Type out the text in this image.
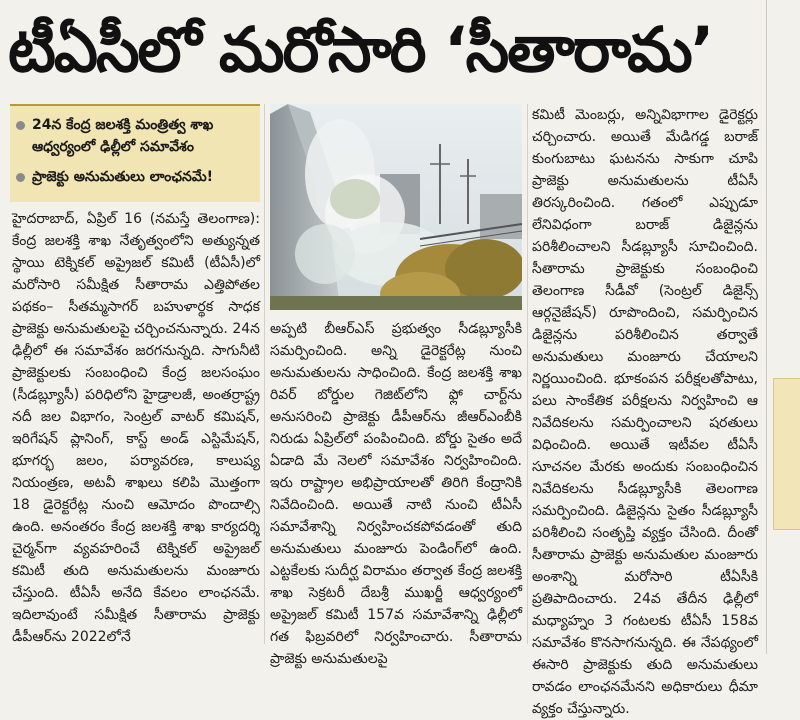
టీఏసీలో మరోసారి ‘సీతారామ’
24న కేంద్ర జలశక్తి మంత్రిత్వ శాఖ ఆధ్వర్యంలో ఢిల్లీలో సమావేశం
ప్రాజెక్టు అనుమతులు లాంఛనమే!

హైదరాబాద్, ఏప్రిల్ 16 (నమస్తే తెలంగాణ): కేంద్ర జలశక్తి శాఖ నేతృత్వంలోని అత్యున్నత స్థాయి టెక్నికల్ అప్రైజల్ కమిటీ (టీఏసీ)లో మరోసారి సమీక్షిత సీతారామ ఎత్తిపోతల పథకం– సీతమ్మసాగర్ బహుళార్థక సాధక ప్రాజెక్టు అనుమతులపై చర్చించనున్నారు. 24న ఢిల్లీలో ఈ సమావేశం జరగనున్నది. సాగునీటి ప్రాజెక్టులకు సంబంధించి కేంద్ర జలసంఘం (సీడబ్ల్యూసీ) పరిధిలోని హైడ్రాలజీ, అంతర్రాష్ట్ర నదీ జల విభాగం, సెంట్రల్ వాటర్ కమిషన్, ఇరిగేషన్ ప్లానింగ్, కాస్ట్ అండ్ ఎస్టిమేషన్, భూగర్భ జలం, పర్యావరణ, కాలుష్య నియంత్రణ, అటవీ శాఖలు కలిపి మొత్తంగా 18 డైరెక్టరేట్ల నుంచి ఆమోదం పొందాల్సి ఉంది. అనంతరం కేంద్ర జలశక్తి శాఖ కార్యదర్శి చైర్మన్‌గా వ్యవహరించే టెక్నికల్ అప్రైజల్ కమిటీ తుది అనుమతులను మంజూరు చేస్తుంది. టీఏసీ అనేది కేవలం లాంఛనమే. ఇదిలావుంటే సమీక్షిత సీతారామ ప్రాజెక్టు డీపీఆర్‌ను 2022లోనే

అప్పటి బీఆర్ఎస్ ప్రభుత్వం సీడబ్ల్యూసీకి సమర్పించింది. అన్ని డైరెక్టరేట్ల నుంచి అనుమతులను సాధించింది. కేంద్ర జలశక్తి శాఖ రివర్ బోర్డుల గెజిట్‌లోని ఫ్లో చార్ట్‌ను అనుసరించి ప్రాజెక్టు డీపీఆర్‌ను జీఆర్ఎంబీకి నిరుడు ఏప్రిల్‌లో పంపించింది. బోర్డు సైతం అదే ఏడాది మే నెలలో సమావేశం నిర్వహించింది. ఇరు రాష్ట్రాల అభిప్రాయాలతో తిరిగి కేంద్రానికి నివేదించింది. అయితే నాటి నుంచి టీఏసీ సమావేశాన్ని నిర్వహించకపోవడంతో తుది అనుమతులు మంజూరు పెండింగ్‌లో ఉంది. ఎట్టకేలకు సుదీర్ఘ విరామం తర్వాత కేంద్ర జలశక్తి శాఖ సెక్రటరీ దేబశ్రీ ముఖర్జీ ఆధ్వర్యంలో అప్రైజల్ కమిటీ 157వ సమావేశాన్ని ఢిల్లీలో గత ఫిబ్రవరిలో నిర్వహించారు. సీతారామ ప్రాజెక్టు అనుమతులపై

కమిటీ మెంబర్లు, అన్నివిభాగాల డైరెక్టర్లు చర్చించారు. అయితే మేడిగడ్డ బరాజ్ కుంగుబాటు ఘటనను సాకుగా చూపి ప్రాజెక్టు అనుమతులను టీఏసీ తిరస్కరించింది. గతంలో ఎప్పుడూ లేనివిధంగా బరాజ్ డిజైన్లను పరిశీలించాలని సీడబ్ల్యూసీ సూచించింది. సీతారామ ప్రాజెక్టుకు సంబంధించి తెలంగాణ సీడీవో (సెంట్రల్ డిజైన్స్ ఆర్గనైజేషన్) రూపొందించి, సమర్పించిన డిజైన్లను పరిశీలించిన తర్వాతే అనుమతులు మంజూరు చేయాలని నిర్ణయించింది. భూకంపన పరీక్షలతోపాటు, పలు సాంకేతిక పరీక్షలను నిర్వహించి ఆ నివేదికలను సమర్పించాలని షరతులు విధించింది. అయితే ఇటీవల టీఏసీ సూచనల మేరకు అందుకు సంబంధించిన నివేదికలను సీడబ్ల్యూసీకి తెలంగాణ సమర్పించింది. డిజైన్లను సైతం సీడబ్ల్యూసీ పరిశీలించి సంతృప్తి వ్యక్తం చేసింది. దీంతో సీతారామ ప్రాజెక్టు అనుమతుల మంజూరు అంశాన్ని మరోసారి టీఏసీకి ప్రతిపాదించారు. 24వ తేదీన ఢిల్లీలో మధ్యాహ్నం 3 గంటలకు టీఏసీ 158వ సమావేశం కొనసాగనున్నది. ఈ నేపథ్యంలో ఈసారి ప్రాజెక్టుకు తుది అనుమతులు రావడం లాంఛనమేనని అధికారులు ధీమా వ్యక్తం చేస్తున్నారు.
